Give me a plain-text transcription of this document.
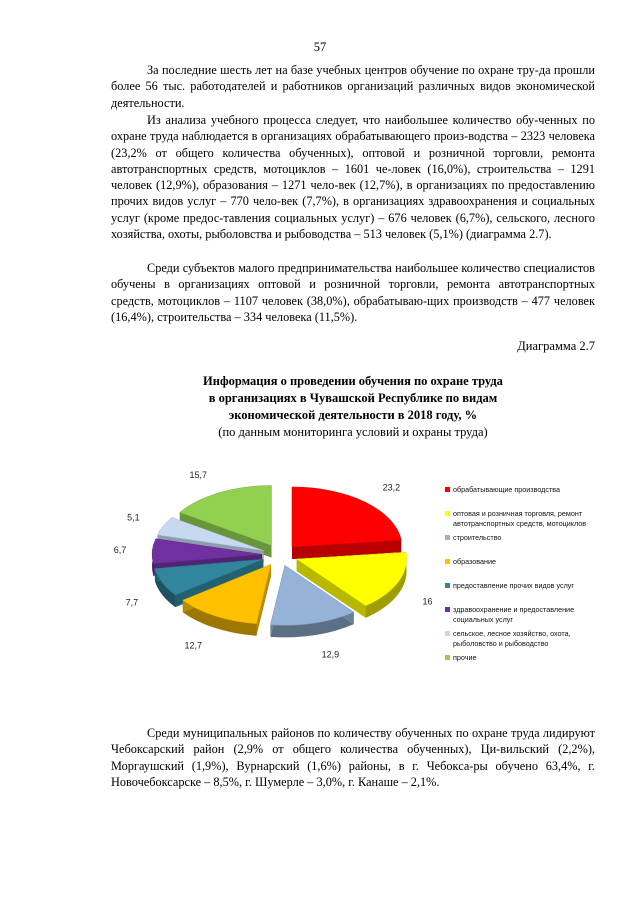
57

За последние шесть лет на базе учебных центров обучение по охране тру-да прошли более 56 тыс. работодателей и работников организаций различных видов экономической деятельности.

Из анализа учебного процесса следует, что наибольшее количество обу-ченных по охране труда наблюдается в организациях обрабатывающего произ-водства – 2323 человека (23,2% от общего количества обученных), оптовой и розничной торговли, ремонта автотранспортных средств, мотоциклов – 1601 че-ловек (16,0%), строительства – 1291 человек (12,9%), образования – 1271 чело-век (12,7%), в организациях по предоставлению прочих видов услуг – 770 чело-век (7,7%), в организациях здравоохранения и социальных услуг (кроме предос-тавления социальных услуг) – 676 человек (6,7%), сельского, лесного хозяйства, охоты, рыболовства и рыбоводства – 513 человек (5,1%) (диаграмма 2.7).

Среди субъектов малого предпринимательства наибольшее количество специалистов обучены в организациях оптовой и розничной торговли, ремонта автотранспортных средств, мотоциклов – 1107 человек (38,0%), обрабатываю-щих производств – 477 человек (16,4%), строительства – 334 человека (11,5%).

Диаграмма 2.7
Информация о проведении обучения по охране труда
в организациях в Чувашской Республике по видам
экономической деятельности в 2018 году, %
(по данным мониторинга условий и охраны труда)
23,2
16
12,9
12,7
7,7
6,7
5,1
15,7
обрабатывающие производства
оптовая и розничная торговля, ремонт
автотранспортных средств, мотоциклов
строительство
образование
предоставление прочих видов услуг
здравоохранение и предоставление
социальных услуг
сельское, лесное хозяйство, охота,
рыболовство и рыбоводство
прочие

Среди муниципальных районов по количеству обученных по охране труда лидируют Чебоксарский район (2,9% от общего количества обученных), Ци-вильский (2,2%), Моргаушский (1,9%), Вурнарский (1,6%) районы, в г. Чебокса-ры обучено 63,4%, г. Новочебоксарске – 8,5%, г. Шумерле – 3,0%, г. Канаше – 2,1%.
